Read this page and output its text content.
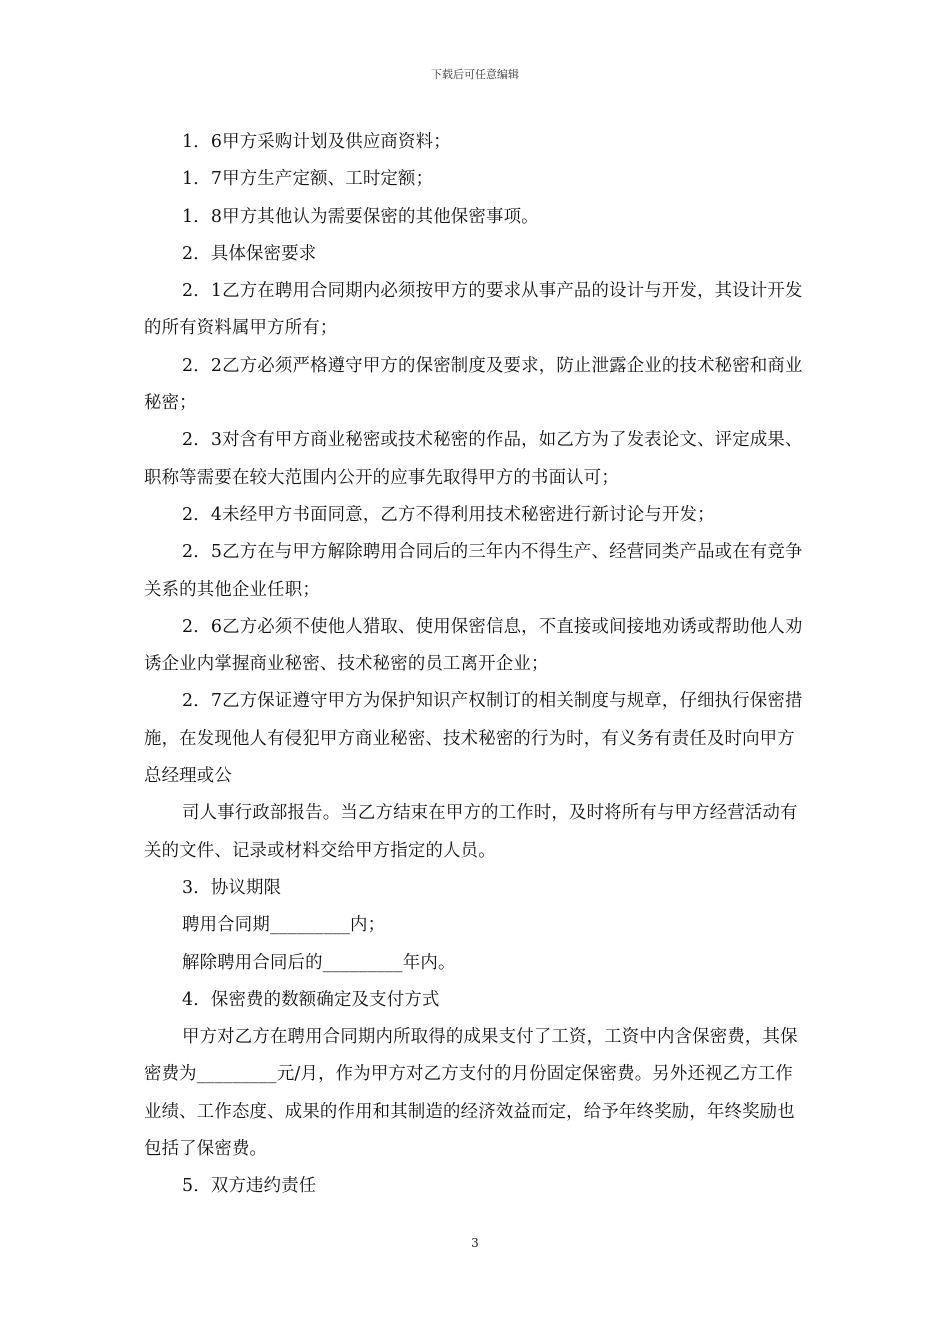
下载后可任意编辑

1．6甲方采购计划及供应商资料；

1．7甲方生产定额、工时定额；

1．8甲方其他认为需要保密的其他保密事项。

2．具体保密要求

2．1乙方在聘用合同期内必须按甲方的要求从事产品的设计与开发，其设计开发的所有资料属甲方所有；

2．2乙方必须严格遵守甲方的保密制度及要求，防止泄露企业的技术秘密和商业秘密；

2．3对含有甲方商业秘密或技术秘密的作品，如乙方为了发表论文、评定成果、职称等需要在较大范围内公开的应事先取得甲方的书面认可；

2．4未经甲方书面同意，乙方不得利用技术秘密进行新讨论与开发；

2．5乙方在与甲方解除聘用合同后的三年内不得生产、经营同类产品或在有竞争关系的其他企业任职；

2．6乙方必须不使他人猎取、使用保密信息，不直接或间接地劝诱或帮助他人劝诱企业内掌握商业秘密、技术秘密的员工离开企业；

2．7乙方保证遵守甲方为保护知识产权制订的相关制度与规章，仔细执行保密措施，在发现他人有侵犯甲方商业秘密、技术秘密的行为时，有义务有责任及时向甲方总经理或公

司人事行政部报告。当乙方结束在甲方的工作时，及时将所有与甲方经营活动有关的文件、记录或材料交给甲方指定的人员。

3．协议期限

聘用合同期_________内；

解除聘用合同后的_________年内。

4．保密费的数额确定及支付方式

甲方对乙方在聘用合同期内所取得的成果支付了工资，工资中内含保密费，其保密费为_________元/月，作为甲方对乙方支付的月份固定保密费。另外还视乙方工作业绩、工作态度、成果的作用和其制造的经济效益而定，给予年终奖励，年终奖励也包括了保密费。

5．双方违约责任

3
